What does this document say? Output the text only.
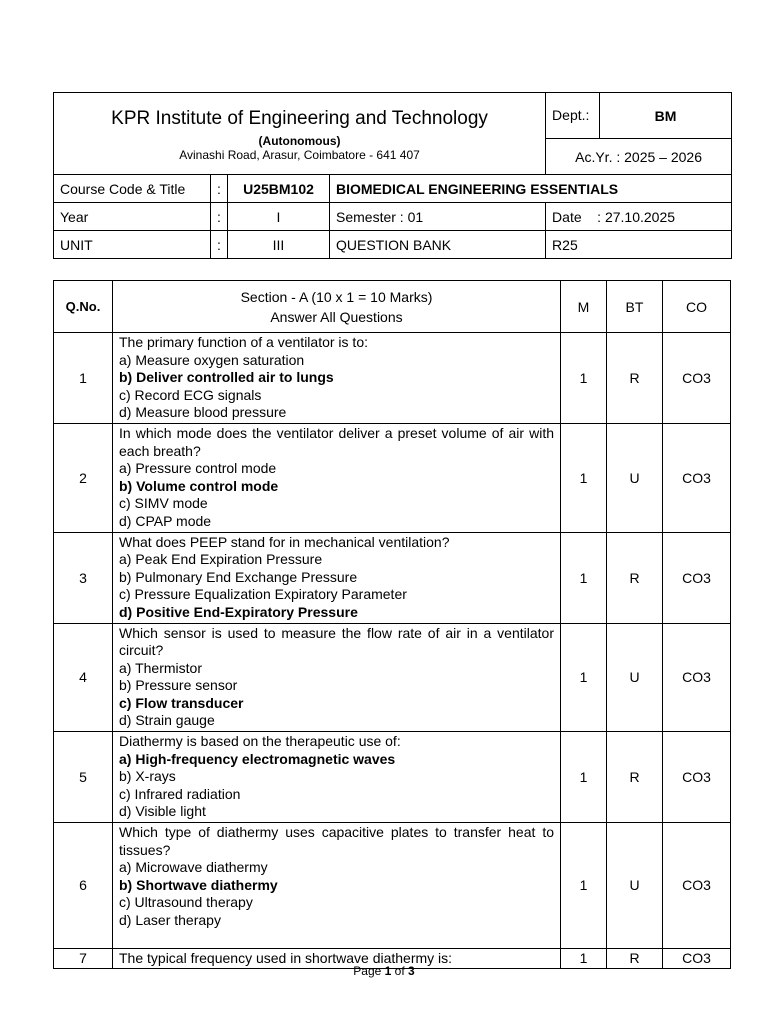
KPR Institute of Engineering and Technology
(Autonomous)
Avinashi Road, Arasur, Coimbatore - 641 407				Dept.:	BM
				Ac.Yr. : 2025 – 2026	
Course Code & Title	:	U25BM102	BIOMEDICAL ENGINEERING ESSENTIALS		
Year	:	I	Semester : 01	Date    : 27.10.2025	
UNIT	:	III	QUESTION BANK	R25	
Q.No.	Section - A (10 x 1 = 10 Marks)
Answer All Questions	M	BT	CO
1	The primary function of a ventilator is to:
a) Measure oxygen saturation
b) Deliver controlled air to lungs
c) Record ECG signals
d) Measure blood pressure	1	R	CO3
2	In which mode does the ventilator deliver a preset volume of air with each breath?
a) Pressure control mode
b) Volume control mode
c) SIMV mode
d) CPAP mode	1	U	CO3
3	What does PEEP stand for in mechanical ventilation?
a) Peak End Expiration Pressure
b) Pulmonary End Exchange Pressure
c) Pressure Equalization Expiratory Parameter
d) Positive End-Expiratory Pressure	1	R	CO3
4	Which sensor is used to measure the flow rate of air in a ventilator circuit?
a) Thermistor
b) Pressure sensor
c) Flow transducer
d) Strain gauge	1	U	CO3
5	Diathermy is based on the therapeutic use of:
a) High-frequency electromagnetic waves
b) X-rays
c) Infrared radiation
d) Visible light	1	R	CO3
6	Which type of diathermy uses capacitive plates to transfer heat to tissues?
a) Microwave diathermy
b) Shortwave diathermy
c) Ultrasound therapy
d) Laser therapy	1	U	CO3
7	The typical frequency used in shortwave diathermy is:	1	R	CO3
Page 1 of 3
